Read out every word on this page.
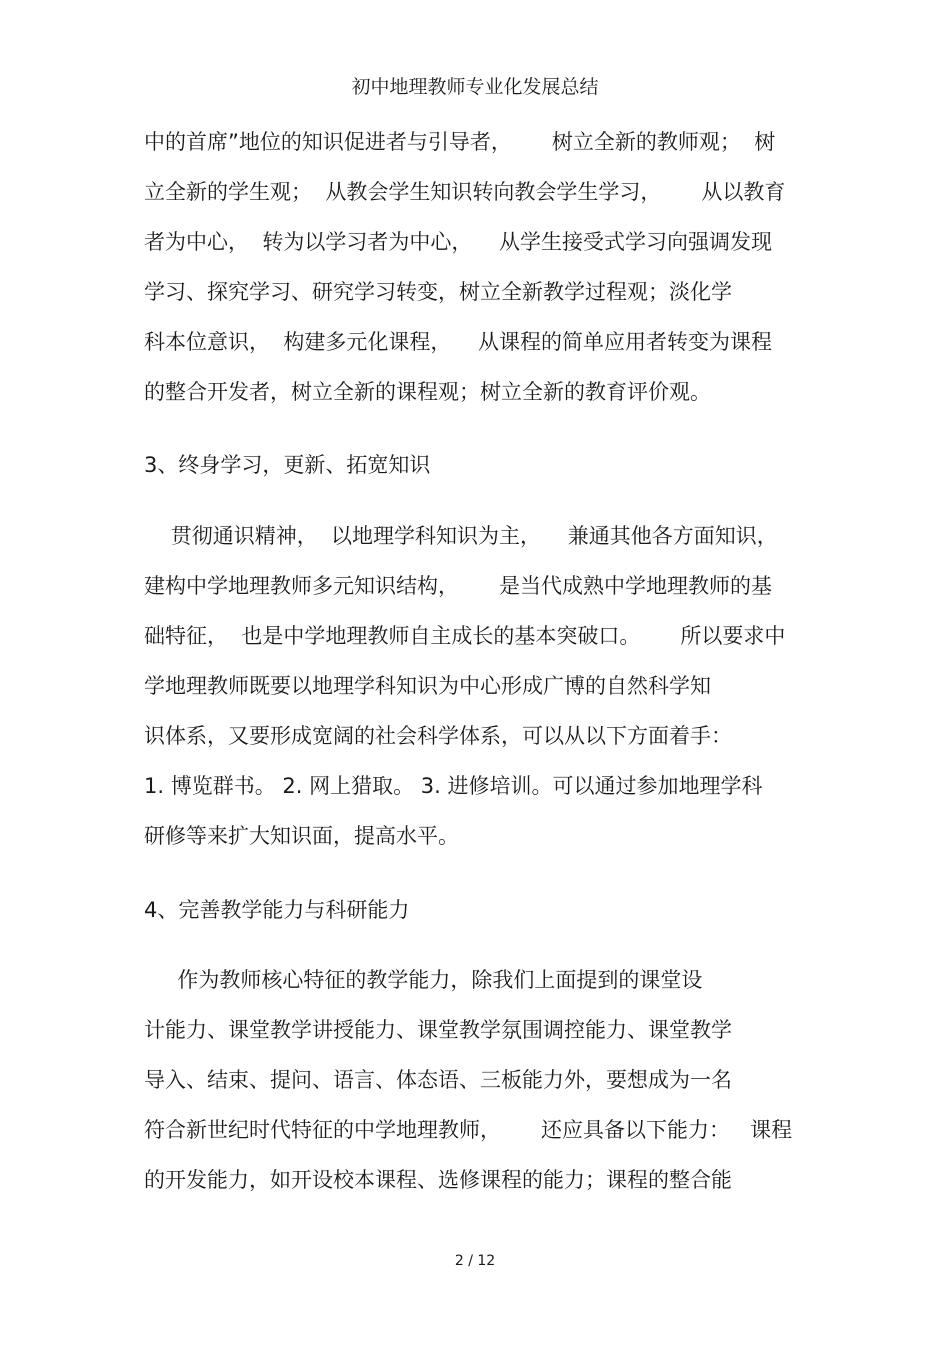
初中地理教师专业化发展总结
中的首席”地位的知识促进者与引导者，      树立全新的教师观；  树
立全新的学生观；  从教会学生知识转向教会学生学习，      从以教育
者为中心，  转为以学习者为中心，    从学生接受式学习向强调发现
学习、探究学习、研究学习转变，树立全新教学过程观；淡化学
科本位意识，  构建多元化课程，    从课程的简单应用者转变为课程
的整合开发者，树立全新的课程观；树立全新的教育评价观。
3、终身学习，更新、拓宽知识
贯彻通识精神，  以地理学科知识为主，    兼通其他各方面知识，
建构中学地理教师多元知识结构，      是当代成熟中学地理教师的基
础特征，  也是中学地理教师自主成长的基本突破口。      所以要求中
学地理教师既要以地理学科知识为中心形成广博的自然科学知
识体系，又要形成宽阔的社会科学体系，可以从以下方面着手：
1. 博览群书。 2. 网上猎取。 3. 进修培训。可以通过参加地理学科
研修等来扩大知识面，提高水平。
4、完善教学能力与科研能力
作为教师核心特征的教学能力，除我们上面提到的课堂设
计能力、课堂教学讲授能力、课堂教学氛围调控能力、课堂教学
导入、结束、提问、语言、体态语、三板能力外，要想成为一名
符合新世纪时代特征的中学地理教师，      还应具备以下能力：   课程
的开发能力，如开设校本课程、选修课程的能力；课程的整合能
2 / 12
